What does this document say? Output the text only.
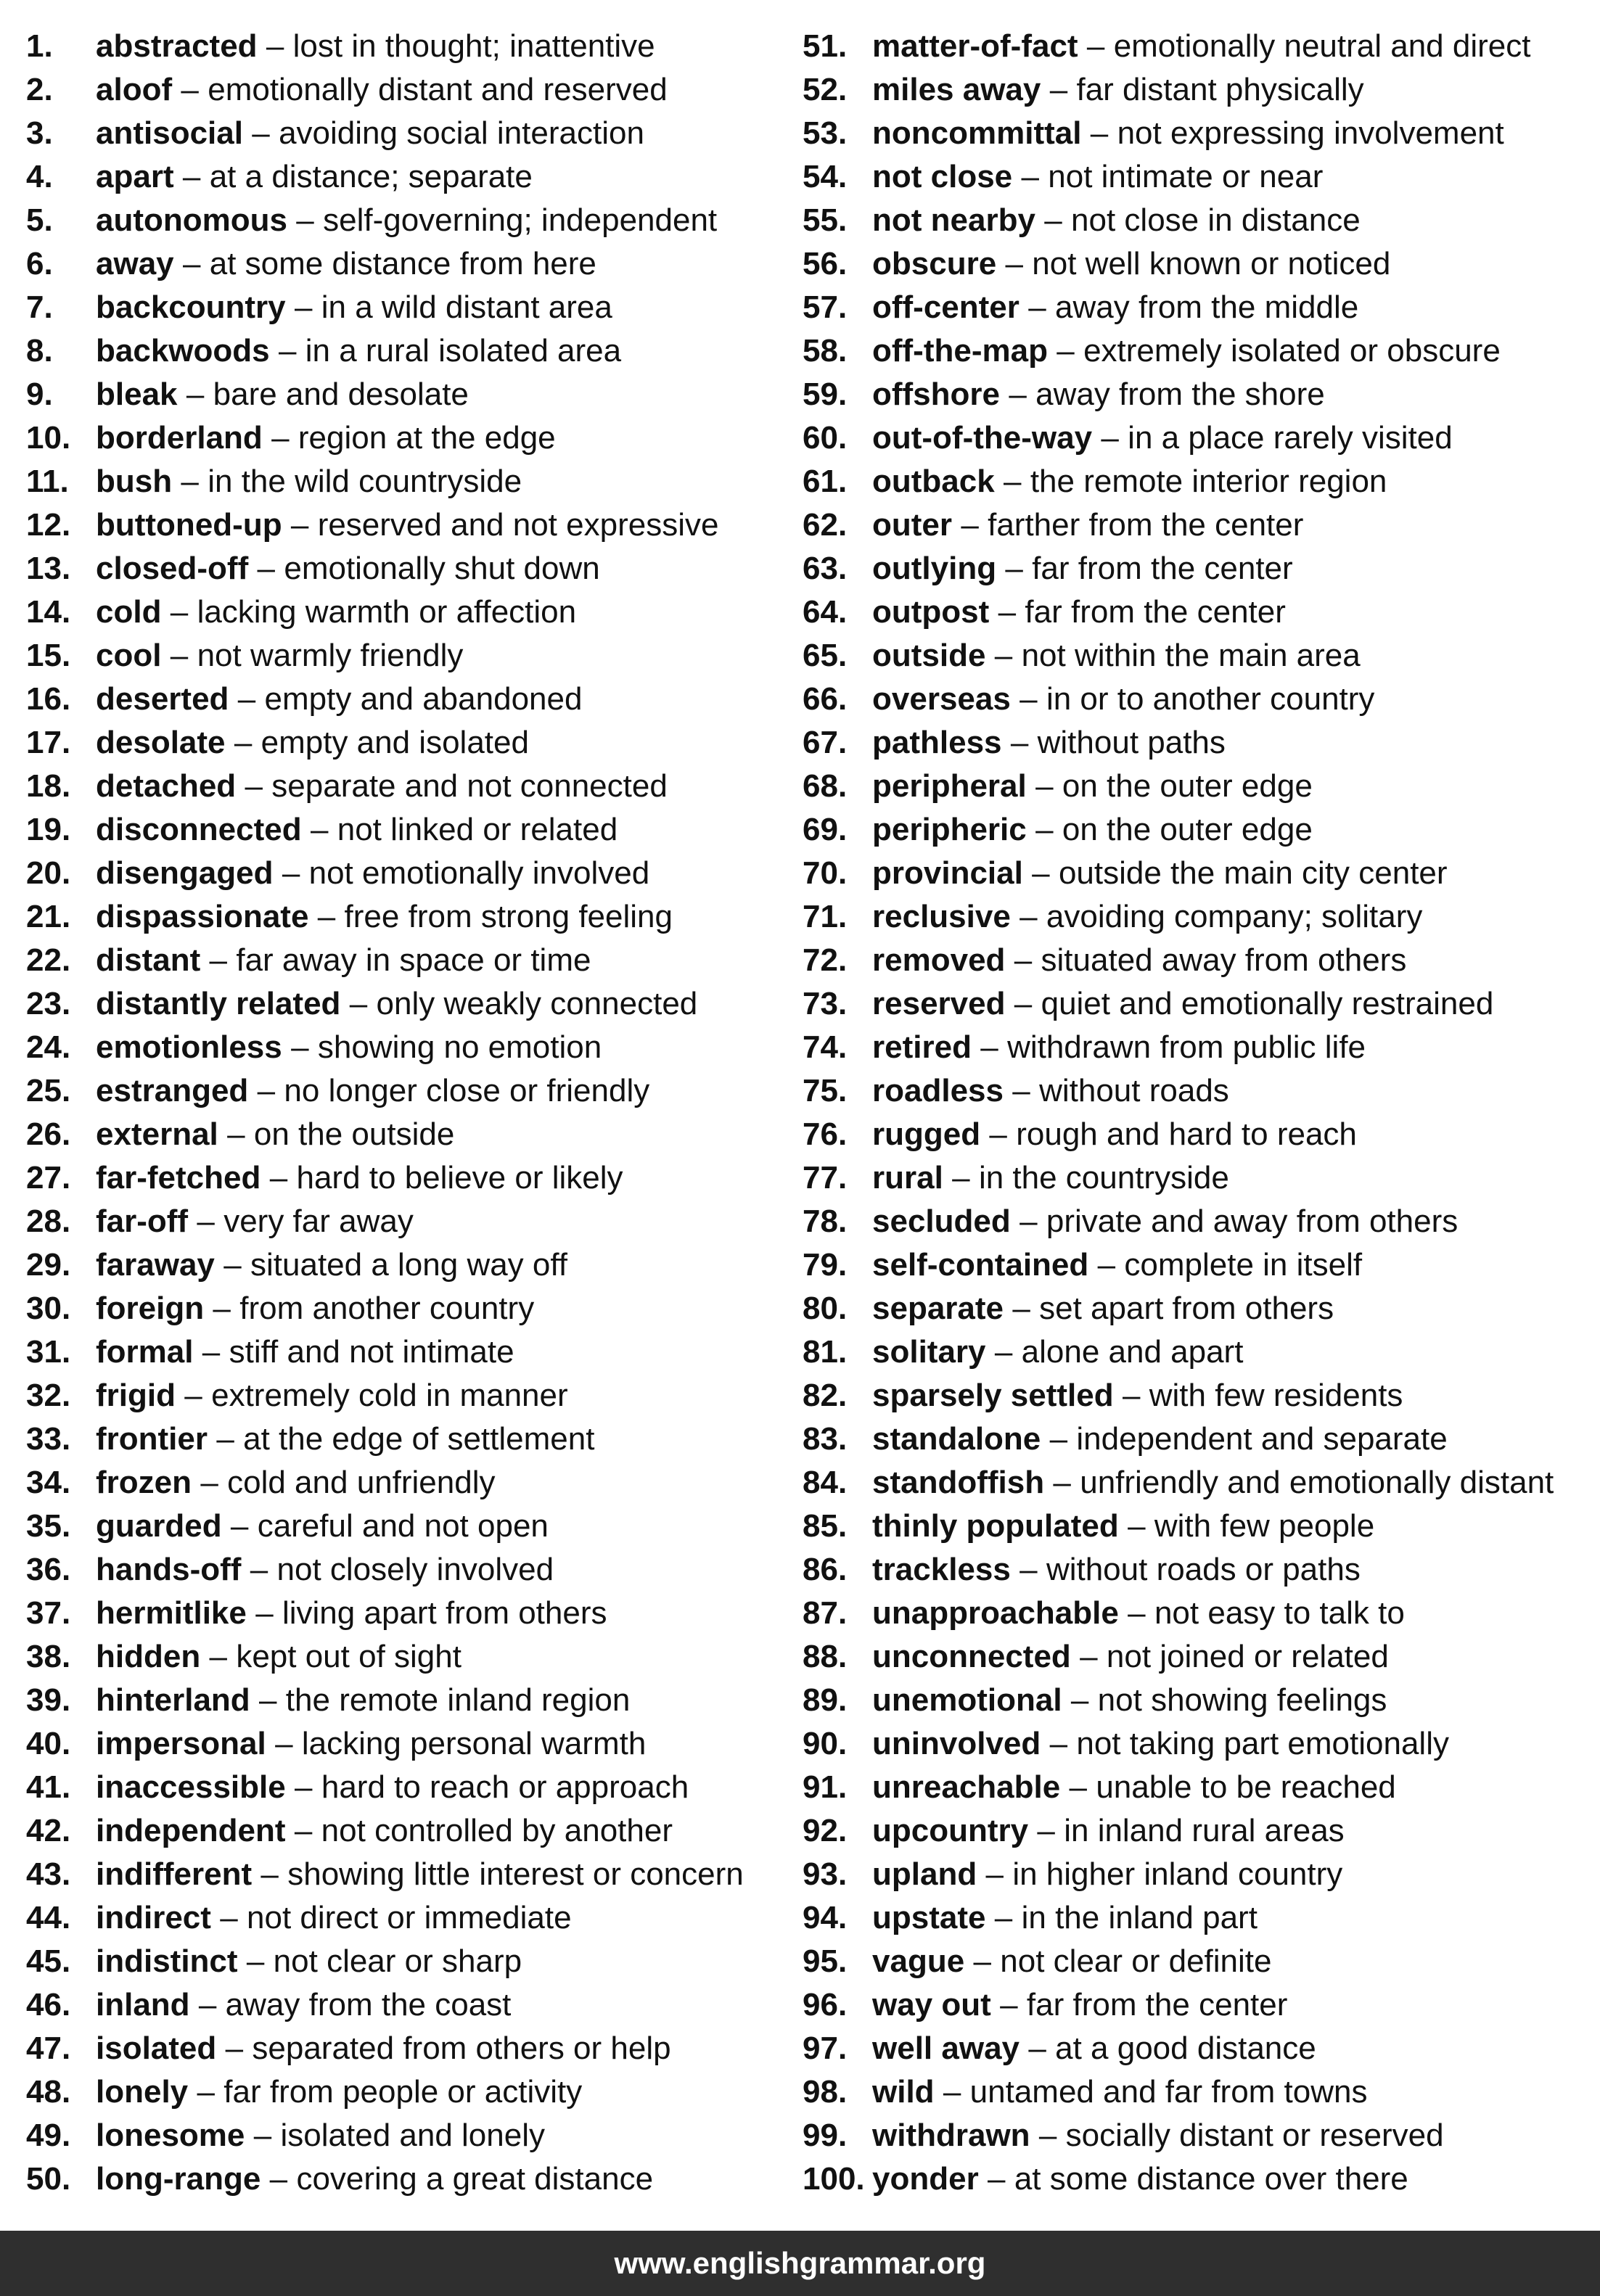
1. abstracted – lost in thought; inattentive
2. aloof – emotionally distant and reserved
3. antisocial – avoiding social interaction
4. apart – at a distance; separate
5. autonomous – self-governing; independent
6. away – at some distance from here
7. backcountry – in a wild distant area
8. backwoods – in a rural isolated area
9. bleak – bare and desolate
10. borderland – region at the edge
11. bush – in the wild countryside
12. buttoned-up – reserved and not expressive
13. closed-off – emotionally shut down
14. cold – lacking warmth or affection
15. cool – not warmly friendly
16. deserted – empty and abandoned
17. desolate – empty and isolated
18. detached – separate and not connected
19. disconnected – not linked or related
20. disengaged – not emotionally involved
21. dispassionate – free from strong feeling
22. distant – far away in space or time
23. distantly related – only weakly connected
24. emotionless – showing no emotion
25. estranged – no longer close or friendly
26. external – on the outside
27. far-fetched – hard to believe or likely
28. far-off – very far away
29. faraway – situated a long way off
30. foreign – from another country
31. formal – stiff and not intimate
32. frigid – extremely cold in manner
33. frontier – at the edge of settlement
34. frozen – cold and unfriendly
35. guarded – careful and not open
36. hands-off – not closely involved
37. hermitlike – living apart from others
38. hidden – kept out of sight
39. hinterland – the remote inland region
40. impersonal – lacking personal warmth
41. inaccessible – hard to reach or approach
42. independent – not controlled by another
43. indifferent – showing little interest or concern
44. indirect – not direct or immediate
45. indistinct – not clear or sharp
46. inland – away from the coast
47. isolated – separated from others or help
48. lonely – far from people or activity
49. lonesome – isolated and lonely
50. long-range – covering a great distance
51. matter-of-fact – emotionally neutral and direct
52. miles away – far distant physically
53. noncommittal – not expressing involvement
54. not close – not intimate or near
55. not nearby – not close in distance
56. obscure – not well known or noticed
57. off-center – away from the middle
58. off-the-map – extremely isolated or obscure
59. offshore – away from the shore
60. out-of-the-way – in a place rarely visited
61. outback – the remote interior region
62. outer – farther from the center
63. outlying – far from the center
64. outpost – far from the center
65. outside – not within the main area
66. overseas – in or to another country
67. pathless – without paths
68. peripheral – on the outer edge
69. peripheric – on the outer edge
70. provincial – outside the main city center
71. reclusive – avoiding company; solitary
72. removed – situated away from others
73. reserved – quiet and emotionally restrained
74. retired – withdrawn from public life
75. roadless – without roads
76. rugged – rough and hard to reach
77. rural – in the countryside
78. secluded – private and away from others
79. self-contained – complete in itself
80. separate – set apart from others
81. solitary – alone and apart
82. sparsely settled – with few residents
83. standalone – independent and separate
84. standoffish – unfriendly and emotionally distant
85. thinly populated – with few people
86. trackless – without roads or paths
87. unapproachable – not easy to talk to
88. unconnected – not joined or related
89. unemotional – not showing feelings
90. uninvolved – not taking part emotionally
91. unreachable – unable to be reached
92. upcountry – in inland rural areas
93. upland – in higher inland country
94. upstate – in the inland part
95. vague – not clear or definite
96. way out – far from the center
97. well away – at a good distance
98. wild – untamed and far from towns
99. withdrawn – socially distant or reserved
100. yonder – at some distance over there
www.englishgrammar.org
